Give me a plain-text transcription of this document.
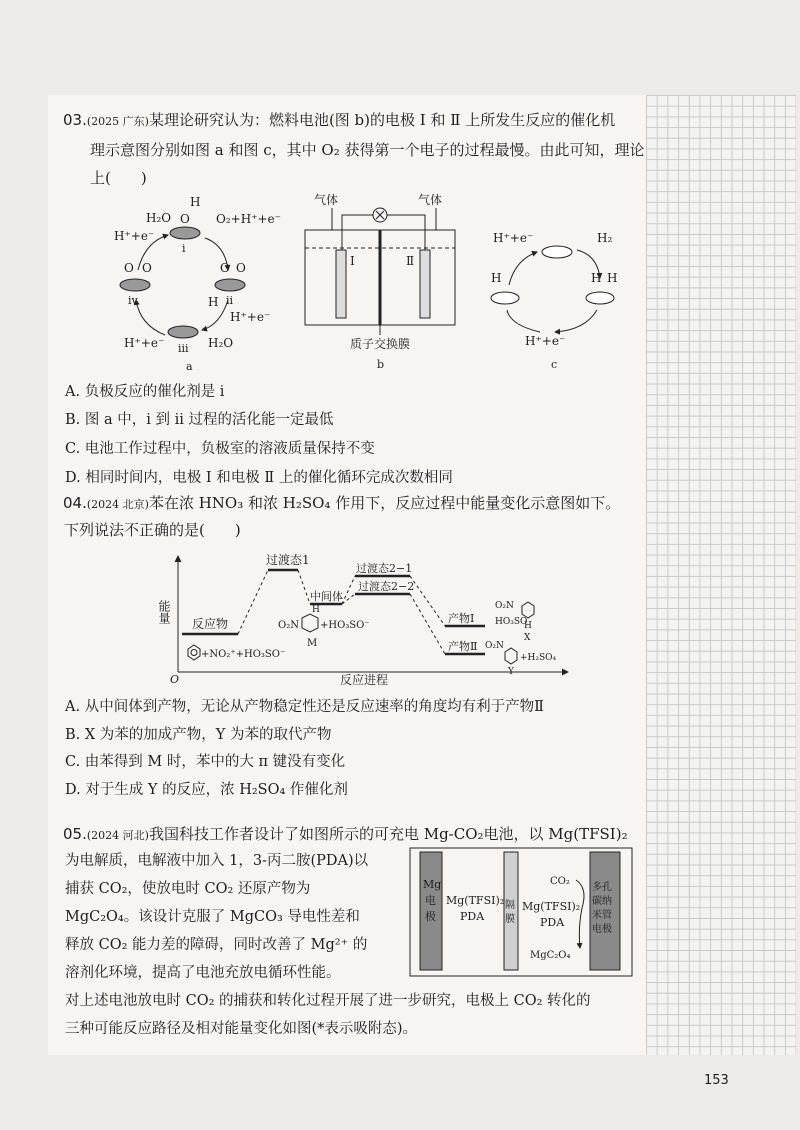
03.(2025 广东)某理论研究认为：燃料电池(图 b)的电极 Ⅰ 和 Ⅱ 上所发生反应的催化机
理示意图分别如图 a 和图 c，其中 O₂ 获得第一个电子的过程最慢。由此可知，理论
上(　　)
H
H₂O	O₂+H⁺+e⁻
O
H⁺+e⁻
i
iv
O O
ii
O O
iii
H
H⁺+e⁻
H⁺+e⁻	H₂O
a
气体	气体
Ⅰ	Ⅱ
质子交换膜
b
H⁺+e⁻	H₂
H	H H
H⁺+e⁻
c
A. 负极反应的催化剂是 i
B. 图 a 中，i 到 ii 过程的活化能一定最低
C. 电池工作过程中，负极室的溶液质量保持不变
D. 相同时间内，电极 Ⅰ 和电极 Ⅱ 上的催化循环完成次数相同
04.(2024 北京)苯在浓 HNO₃ 和浓 H₂SO₄ 作用下，反应过程中能量变化示意图如下。
下列说法不正确的是(　　)
O	反应进程
能量
过渡态1
过渡态2−1
过渡态2−2
反应物
中间体
产物Ⅰ
产物Ⅱ
+NO₂⁺+HO₃SO⁻
O₂N
H
+HO₃SO⁻
M
O₂N
HO₃SO
H
X
O₂N
+H₂SO₄
Y
A. 从中间体到产物，无论从产物稳定性还是反应速率的角度均有利于产物Ⅱ
B. X 为苯的加成产物，Y 为苯的取代产物
C. 由苯得到 M 时，苯中的大 π 键没有变化
D. 对于生成 Y 的反应，浓 H₂SO₄ 作催化剂
05.(2024 河北)我国科技工作者设计了如图所示的可充电 Mg-CO₂电池，以 Mg(TFSI)₂
为电解质，电解液中加入 1，3-丙二胺(PDA)以
捕获 CO₂，使放电时 CO₂ 还原产物为
MgC₂O₄。该设计克服了 MgCO₃ 导电性差和
释放 CO₂ 能力差的障碍，同时改善了 Mg²⁺ 的
溶剂化环境，提高了电池充放电循环性能。
对上述电池放电时 CO₂ 的捕获和转化过程开展了进一步研究，电极上 CO₂ 转化的
三种可能反应路径及相对能量变化如图(*表示吸附态)。
Mg
电
极
Mg(TFSI)₂
PDA
隔
膜
CO₂
Mg(TFSI)₂
PDA
MgC₂O₄
多孔
碳纳
米管
电极
153
